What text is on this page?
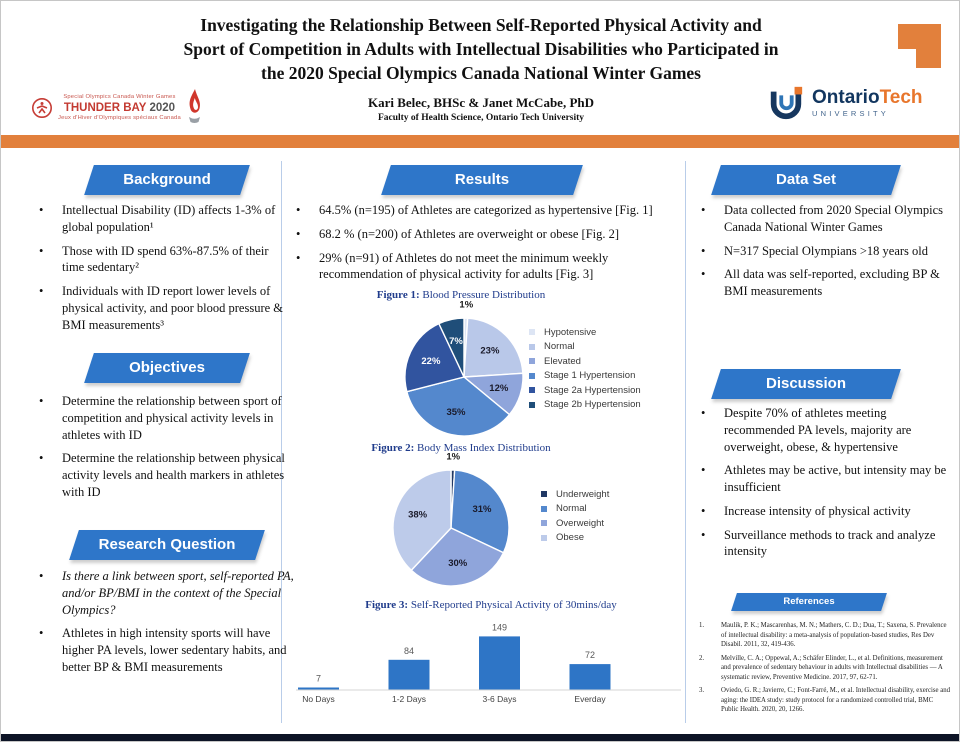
Investigating the Relationship Between Self-Reported Physical Activity and
Sport of Competition in Adults with Intellectual Disabilities who Participated in
the 2020 Special Olympics Canada National Winter Games
Kari Belec, BHSc & Janet McCabe, PhD
Faculty of Health Science, Ontario Tech University
Special Olympics Canada Winter Games
THUNDER BAY 2020
Jeux d'Hiver d'Olympiques spéciaux Canada
OntarioTech
UNIVERSITY
Background
•	Intellectual Disability (ID) affects 1-3% of global population¹
•	Those with ID spend 63%-87.5% of their time sedentary²
•	Individuals with ID report lower levels of physical activity, and poor blood pressure & BMI measurements³
Objectives
•	Determine the relationship between sport of competition and physical activity levels in athletes with ID
•	Determine the relationship between physical activity levels and health markers in athletes with ID
Research Question
•	Is there a link between sport, self-reported PA, and/or BP/BMI in the context of the Special Olympics?
•	Athletes in high intensity sports will have higher PA levels, lower sedentary habits, and better BP & BMI measurements
Results
•	64.5% (n=195) of Athletes are categorized as hypertensive [Fig. 1]
•	68.2 % (n=200) of Athletes are overweight or obese [Fig. 2]
•	29% (n=91) of Athletes do not meet the minimum weekly recommendation of physical activity for adults [Fig. 3]
Figure 1: Blood Pressure Distribution
1%
23%
12%
35%
22%
7%
Hypotensive
Normal
Elevated
Stage 1 Hypertension
Stage 2a Hypertension
Stage 2b Hypertension
Figure 2: Body Mass Index Distribution
1%
31%
30%
38%
Underweight
Normal
Overweight
Obese
Figure 3: Self-Reported Physical Activity of 30mins/day
7
No Days
84
1-2 Days
149
3-6 Days
72
Everday
Data Set
•	Data collected from 2020 Special Olympics Canada National Winter Games
•	N=317 Special Olympians >18 years old
•	All data was self-reported, excluding BP & BMI measurements
Discussion
•	Despite 70% of athletes meeting recommended PA levels, majority are overweight, obese, & hypertensive
•	Athletes may be active, but intensity may be insufficient
•	Increase intensity of physical activity
•	Surveillance methods to track and analyze intensity
References
1.	Maulik, P. K.; Mascarenhas, M. N.; Mathers, C. D.; Dua, T.; Saxena, S. Prevalence of intellectual disability: a meta-analysis of population-based studies, Res Dev Disabil. 2011, 32, 419-436.
2.	Melville, C. A.; Oppewal, A.; Schäfer Elinder, L., et al. Definitions, measurement and prevalence of sedentary behaviour in adults with Intellectual disabilities — A systematic review, Preventive Medicine. 2017, 97, 62-71.
3.	Oviedo, G. R.; Javierre, C.; Font-Farré, M., et al. Intellectual disability, exercise and aging: the IDEA study: study protocol for a randomized controlled trial, BMC Public Health. 2020, 20, 1266.
